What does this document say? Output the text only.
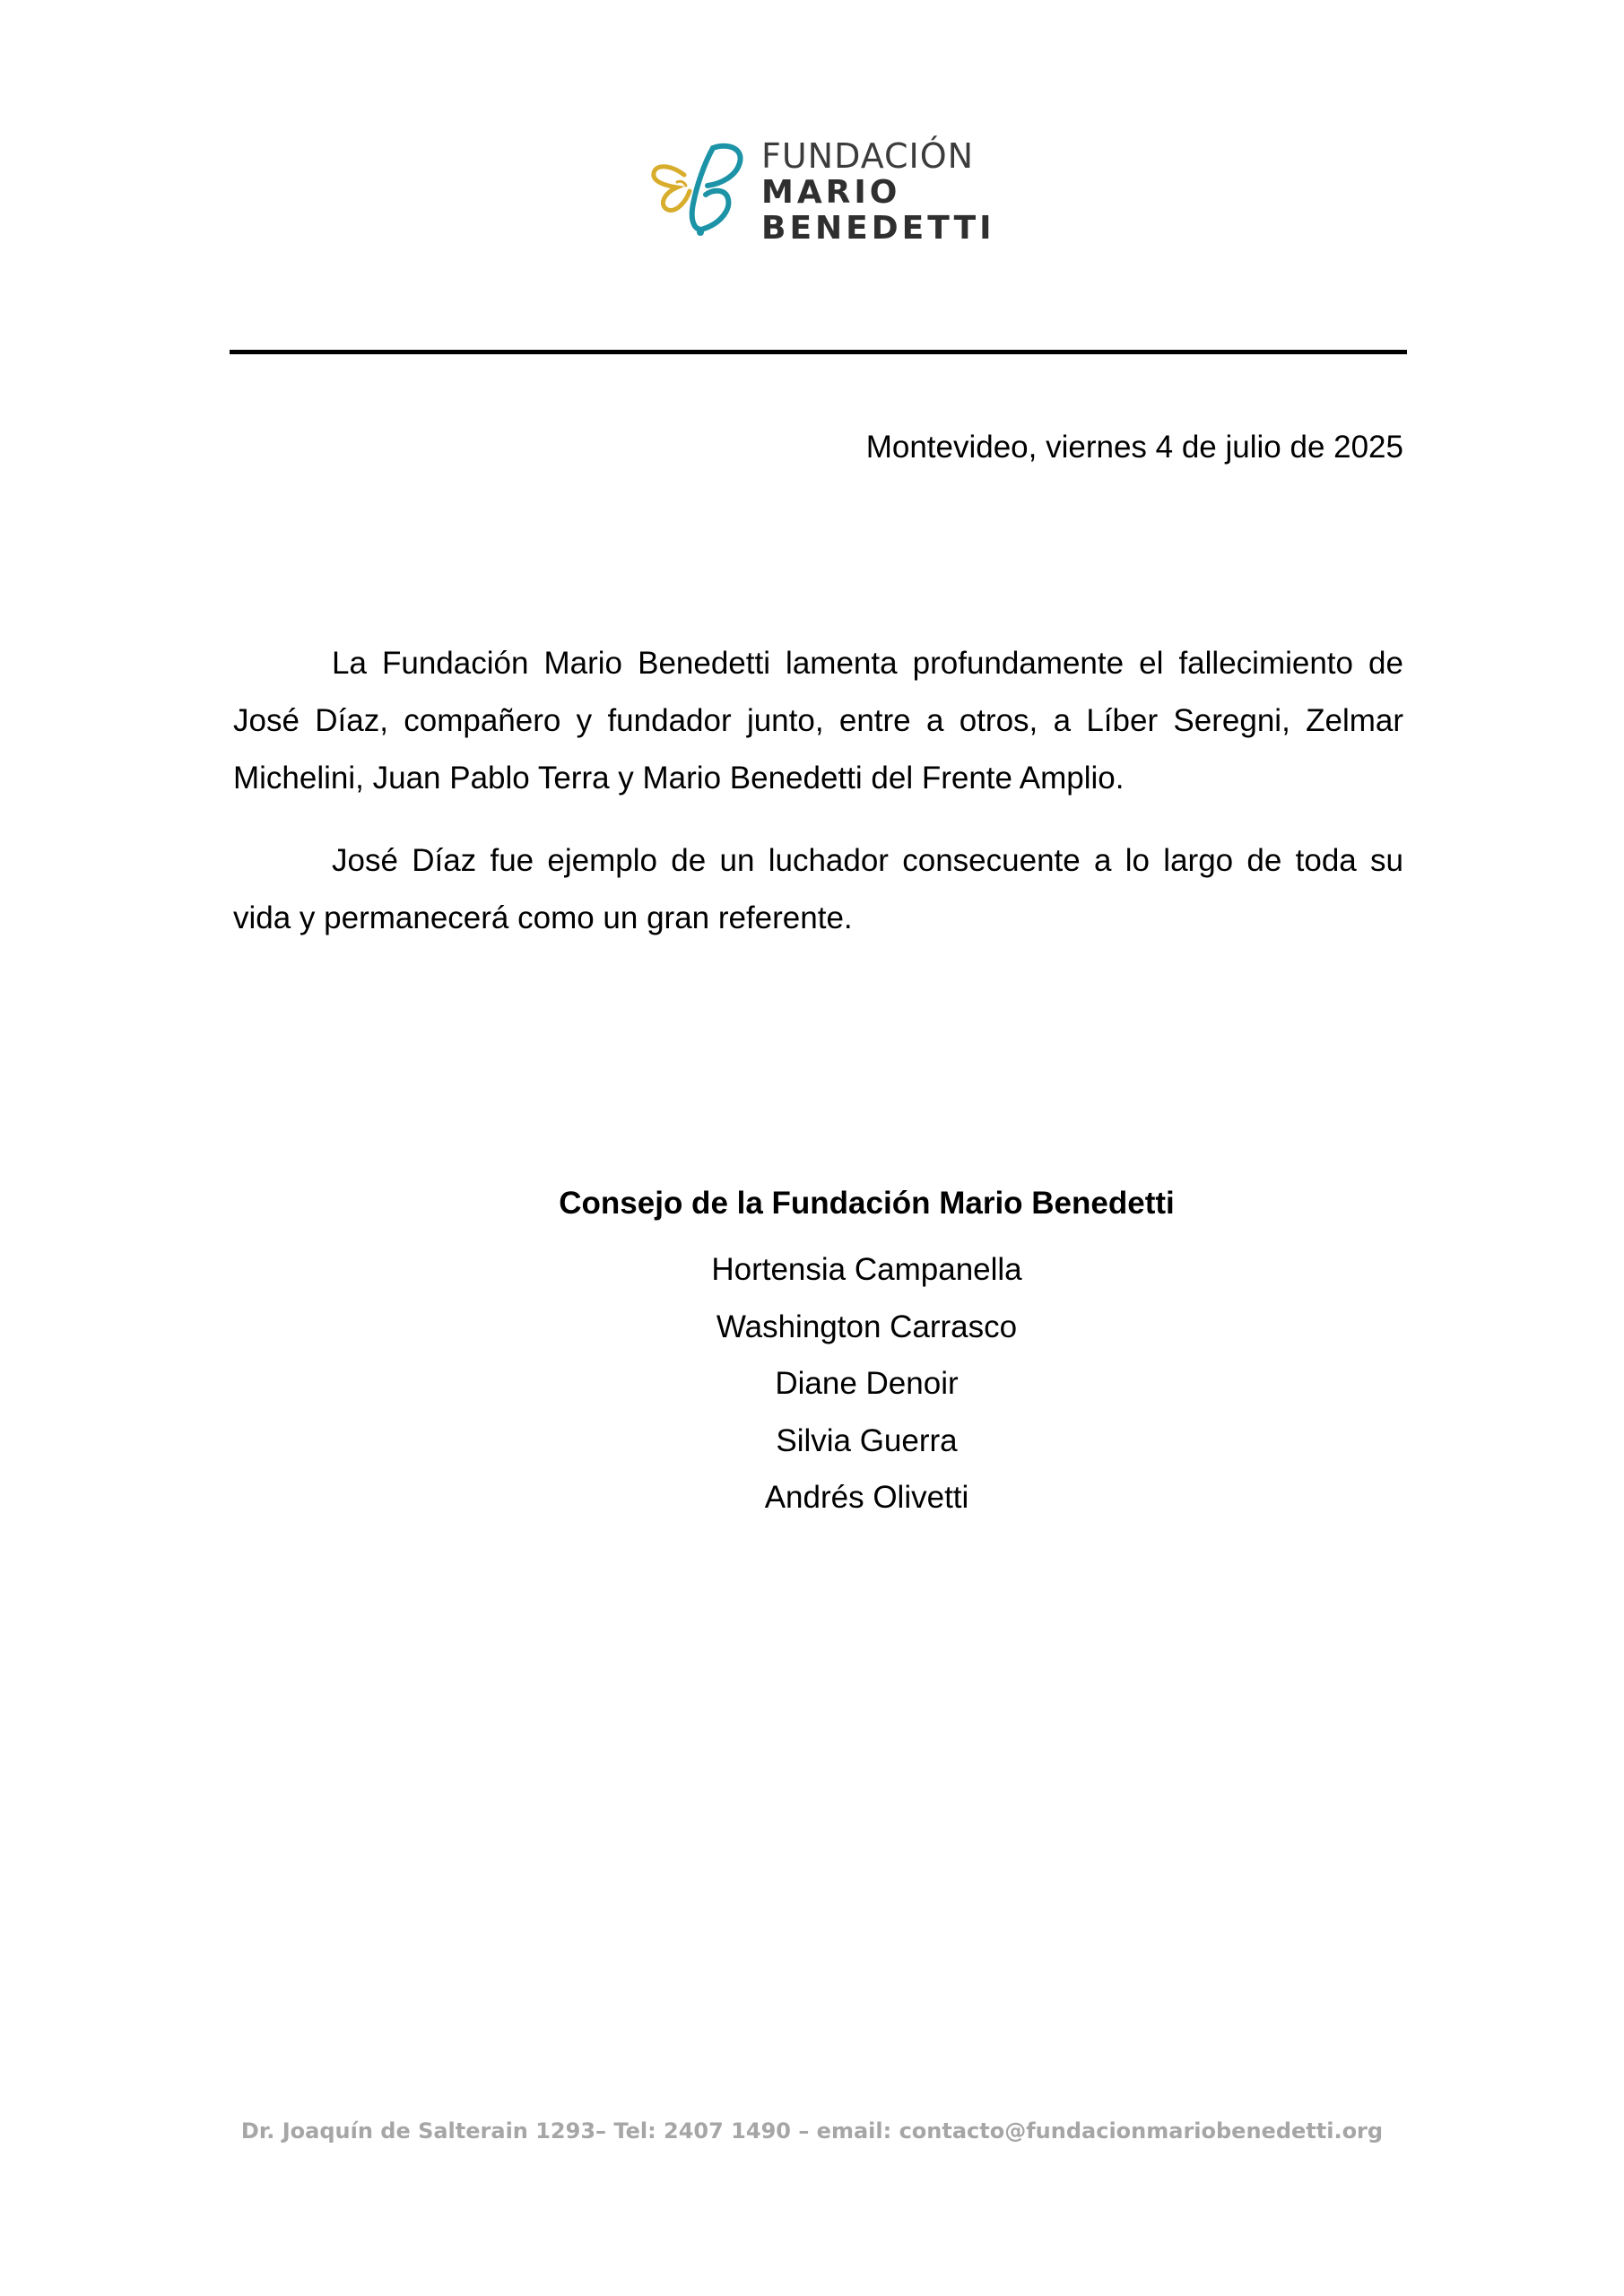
FUNDACIÓN
MARIO
BENEDETTI
Montevideo, viernes 4 de julio de 2025

La Fundación Mario Benedetti lamenta profundamente el fallecimiento de José Díaz, compañero y fundador junto, entre a otros, a Líber Seregni, Zelmar Michelini, Juan Pablo Terra y Mario Benedetti del Frente Amplio.

José Díaz fue ejemplo de un luchador consecuente a lo largo de toda su vida y permanecerá como un gran referente.

Consejo de la Fundación Mario Benedetti
Hortensia Campanella
Washington Carrasco
Diane Denoir
Silvia Guerra
Andrés Olivetti
Dr. Joaquín de Salterain 1293– Tel: 2407 1490 – email: contacto@fundacionmariobenedetti.org
